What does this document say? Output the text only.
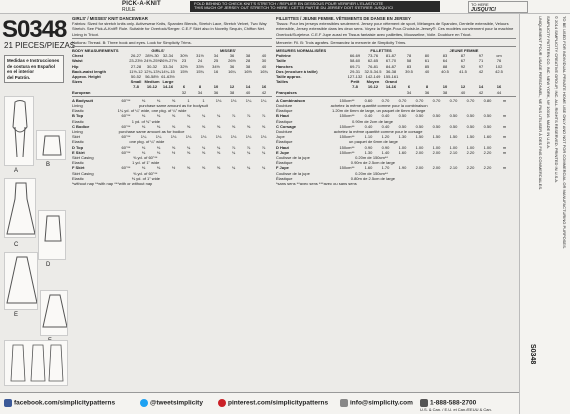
PICK-A-KNIT
RULE
FOLD BEHIND TO CHECK KNIT'S STRETCH / REPLIER EN DESSOUS POUR VERIFIER L'ELASTICITE
THIS MUCH OF JERSEY OUT STRETCH TO HERE / CETTE PARTIE DU JERSEY DOIT S'ETIRER JUSQU'ICI
TO HERE
JUSQU'ICI
S0348
21 PIECES/PIEZAS
Medidas e Instrucciones
de costura en Español
en el interior
del Patrón.
A
B
C
D
E
GIRLS' / MISSES' KNIT DANCEWEAR
Fabrics: Sized for stretch knits only. Activewear Knits, Spandex Blends, Stretch Lace, Stretch Velvet, Two Way Stretch. See Pick-A-Knit® Rule. Suitable for Overlock/Serger. C.E.F Skirt also in Novelty Sequin, Chiffon Net. Lining in Tricot.
Notions: Thread. B: Three hook and eyes. Look for Simplicity Trims.
BODY MEASUREMENTS	GIRLS'	MISSES'
Chest	26-27	28½-30	32-34	30½	31½	34	36	38	40
Waist	23-23½ 24½-25½ 26½-27½	23	24	25	26½	28	30
Hip	27-28	30-32	33-34	32½	33½	34½	36	38	40
Back-waist length	11½-12 12¾-13¾ 14¼-15	15½	15¾	16	16¼	16½	16¾
Approx. Height	50-52	56-58½ 61-63½
Sizes	Small Medium Large
7-8	10-12	14-16	6	8	10	12	14	16
European	32	34	36	38	40	42
A Bodysuit	60"**	⅜	⅜	⅝	1	1	1⅛	1⅛	1¼	1¼
Lining	purchase same amount as for bodysuit
Elastic	1¼ yd. of ¼" wide, one pkg. of ¼" wide
B Top	60"**	⅜	⅜	⅝	⅝	¾	¾	⅞	⅞	⅞
Elastic	1 yd. of ¾" wide
C Bodice	60"**	⅜	⅜	⅝	⅝	⅝	⅝	⅝	⅝	⅝
Lining	purchase same amount as for bodice
Skirt	60"**	1¼	1¼	1⅛	1⅛	1⅛	1⅛	1⅛	1⅛	1⅛
Elastic	one pkg. of ¼" wide
D Top	60"**	⅜	⅜	⅝	¾	¾	¾	⅞	⅞	⅞
E Skirt	60"**	⅜	⅜	½	⅝	⅝	⅝	¾	¾	¾
Skirt Casing	⅜ yd. of 60"**
Elastic	1 yd. of 1" wide
F Skirt	60"**	⅜	⅜	½	⅝	⅝	⅝	¾	¾	¾
Skirt Casing	⅜ yd. of 60"**
Elastic	⅜ yd. of 1" wide
*without nap **with nap ***with or without nap
FILLETTES / JEUNE FEMME. VÊTEMENTS DE DANSE EN JERSEY
Tissus: Pour les jerseys extensibles seulement. Jersey pour vêtement de sport, Mélanges de Spandex, Dentelle extensible, Velours extensible, Jersey extensible dans les deux sens. Voyez la Règle-Pour-Choisir-le-Jersey®. Ces modèles conviennent pour la machine Overlock/Surjeteur. C.E.F Jupe aussi en Tissus fantaisie avec paillettes, Mousseline, Voile. Doublure en Tricot.
Mercerie: Fil. B: Trois agrafes. Demandez la mercerie de Simplicity Trims.
MESURES NORMALISÉES	FILLETTES	JEUNE FEMME
Poitrine	66-69	73-76	81-87	78	80	83	87	97	cm
Taille	58-60	62-65	67-70	58	61	64	67	71	76
Hanches	69-71	76-81	84-87	83	85	88	92	97	102
Dos (encolure à taille)	29-31	32.5-34.5	36-38	39.5	40	40.5	41.5	42	42.5
Taille approx.	127-132 142-149 155-161
Tailles	Petit	Moyen	Grand
7-8	10-12	14-16	6	8	10	12	14	16
Françaises	34	36	38	40	42	44
A Combinaison	150cm**	0.60	0.70	0.70	0.70	0.70	0.70	0.70	0.80	m
Doublure	achetez la même quantité comme pour la combinaison
Élastique	1.20m de 6mm de large, un paquet de 6mm de large
B Haut	150cm**	0.40	0.40	0.50	0.50	0.50	0.50	0.50	0.50	m
Élastique	0.90m de 2cm de large
C Corsage	150cm**	0.40	0.40	0.50	0.50	0.50	0.50	0.50	0.50	m
Doublure	achetez la même quantité comme pour le corsage
Jupe	150cm**	1.10	1.20	1.30	1.50	1.50	1.50	1.50	1.60	m
Élastique	un paquet de 6mm de large
D Haut	150cm**	0.90	0.90	1.00	1.00	1.00	1.00	1.00	1.00	m
E Jupe	150cm**	1.30	1.40	1.60	2.00	2.00	2.10	2.20	2.20	m
Coulisse de la jupe	0.20m de 150cm**
Élastique	0.90m de 2.5cm de large
F Jupe	150cm**	1.60	1.70	1.90	2.00	2.00	2.10	2.20	2.20	m
Coulisse de la jupe	0.20m de 150cm**
Élastique	0.80m de 2.5cm de large
*sans sens **avec sens ***avec ou sans sens	TO BE USED FOR INDIVIDUAL PRIVATE HOME USE ONLY AND NOT FOR COMMERCIAL OR MANUFACTURING PURPOSES.
© 2014 SIMPLICITY CREATIVE GROUP, INC. ALL RIGHTS RESERVED. PRINTED IN U.S.A.
SIMPLICITY PATTERN CO. INC. NEW YORK, NY 10016. MADE IN U.S.A.
UNIQUEMENT POUR USAGE PERSONNEL, NE PAS UTILISER À DES FINS COMMERCIALES.
S0348
facebook.com/simplicitypatterns	@tweetsimplicity	pinterest.com/simplicitypatterns	info@simplicity.com	1-888-588-2700
U.S. & Can. / E.U. et Can./EEUU & Can.
